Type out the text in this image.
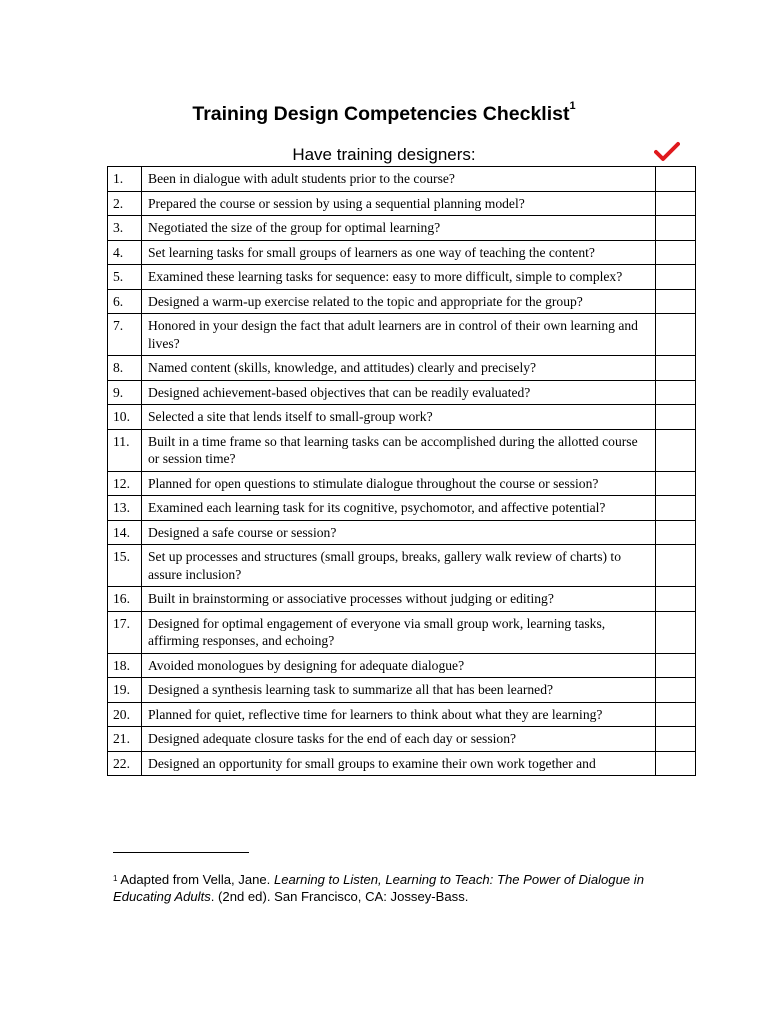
Training Design Competencies Checklist$^1$
Have training designers:
1.	Been in dialogue with adult students prior to the course?	
2.	Prepared the course or session by using a sequential planning model?	
3.	Negotiated the size of the group for optimal learning?	
4.	Set learning tasks for small groups of learners as one way of teaching the content?	
5.	Examined these learning tasks for sequence: easy to more difficult, simple to complex?	
6.	Designed a warm-up exercise related to the topic and appropriate for the group?	
7.	Honored in your design the fact that adult learners are in control of their own learning and lives?	
8.	Named content (skills, knowledge, and attitudes) clearly and precisely?	
9.	Designed achievement-based objectives that can be readily evaluated?	
10.	Selected a site that lends itself to small-group work?	
11.	Built in a time frame so that learning tasks can be accomplished during the allotted course or session time?	
12.	Planned for open questions to stimulate dialogue throughout the course or session?	
13.	Examined each learning task for its cognitive, psychomotor, and affective potential?	
14.	Designed a safe course or session?	
15.	Set up processes and structures (small groups, breaks, gallery walk review of charts) to assure inclusion?	
16.	Built in brainstorming or associative processes without judging or editing?	
17.	Designed for optimal engagement of everyone via small group work, learning tasks, affirming responses, and echoing?	
18.	Avoided monologues by designing for adequate dialogue?	
19.	Designed a synthesis learning task to summarize all that has been learned?	
20.	Planned for quiet, reflective time for learners to think about what they are learning?	
21.	Designed adequate closure tasks for the end of each day or session?	
22.	Designed an opportunity for small groups to examine their own work together and	
$^1$ Adapted from Vella, Jane. Learning to Listen, Learning to Teach: The Power of Dialogue in Educating Adults. (2nd ed). San Francisco, CA: Jossey-Bass.
